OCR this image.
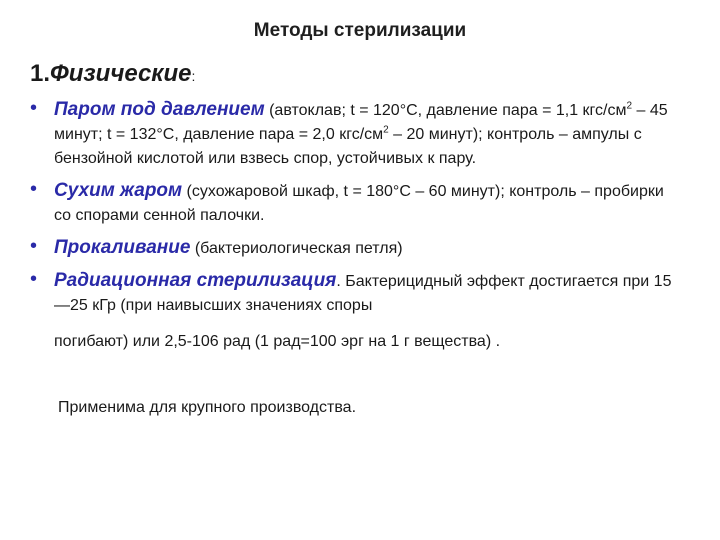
Методы стерилизации
1.Физические:
• Паром под давлением (автоклав; t = 120°С, давление пара = 1,1 кгс/$см^2 - 45$ минут; t = 132°С, давление пара = 2,0 кгс/$см^2 - 20$ минут); контроль – ампулы с бензойной кислотой или взвесь спор, устойчивых к пару.
• Сухим жаром (сухожаровой шкаф, t = 180°С – 60 минут); контроль – пробирки со спорами сенной палочки.
• Прокаливание (бактериологическая петля)
• Радиационная стерилизация. Бактерицидный эффект достигается при 15—25 кГр (при наивысших значениях споры
погибают) или 2,5-106 рад (1 рад=100 эрг на 1 г вещества) .
Применима для крупного производства.
